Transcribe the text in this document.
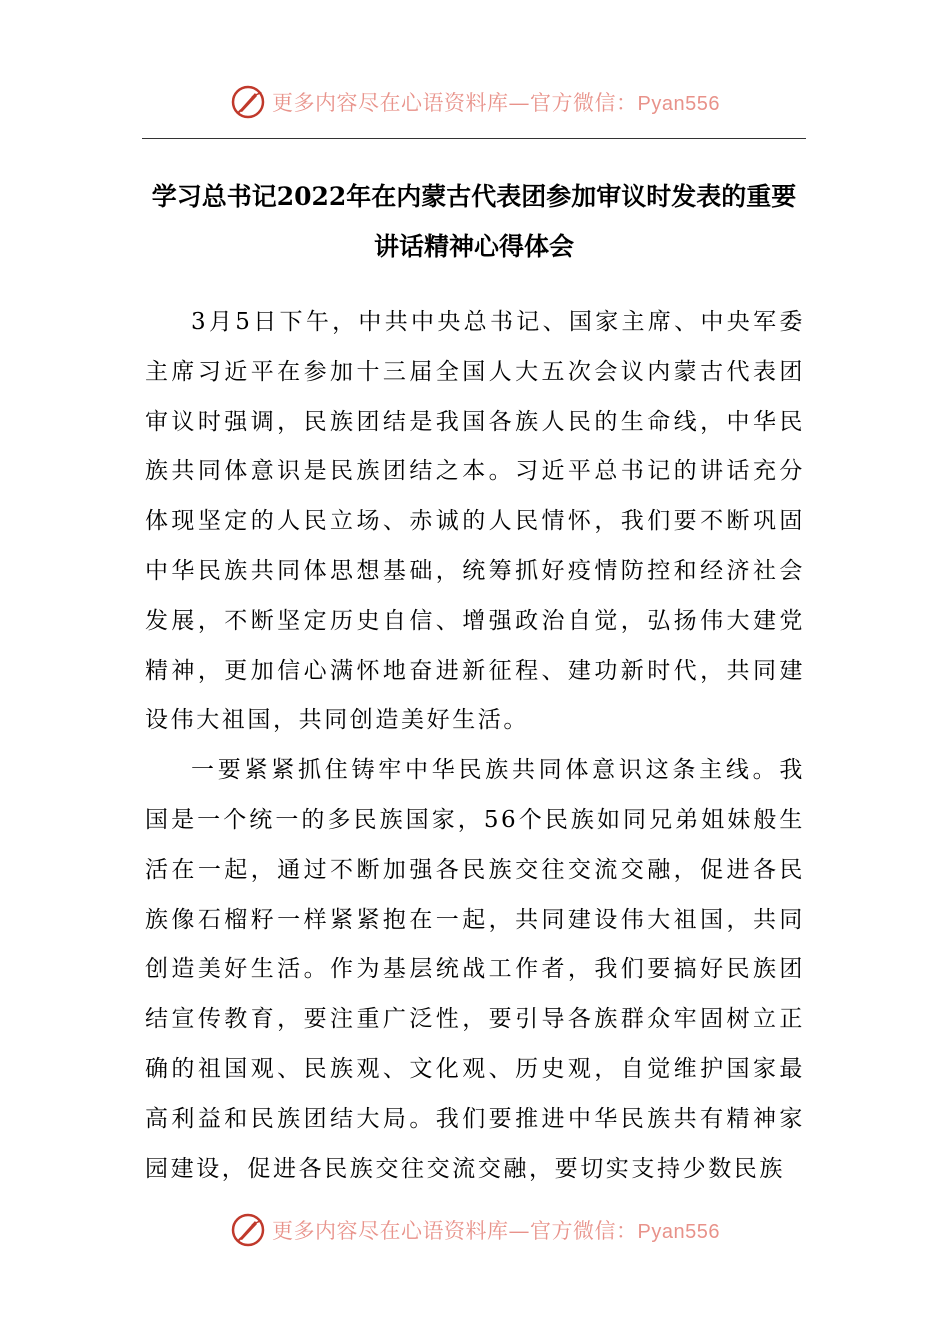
更多内容尽在心语资料库—官方微信：Pyan556
学习总书记2022年在内蒙古代表团参加审议时发表的重要
讲话精神心得体会

3月5日下午，中共中央总书记、国家主席、中央军委主席习近平在参加十三届全国人大五次会议内蒙古代表团审议时强调，民族团结是我国各族人民的生命线，中华民族共同体意识是民族团结之本。习近平总书记的讲话充分体现坚定的人民立场、赤诚的人民情怀，我们要不断巩固中华民族共同体思想基础，统筹抓好疫情防控和经济社会发展，不断坚定历史自信、增强政治自觉，弘扬伟大建党精神，更加信心满怀地奋进新征程、建功新时代，共同建设伟大祖国，共同创造美好生活。

一要紧紧抓住铸牢中华民族共同体意识这条主线。我国是一个统一的多民族国家，56个民族如同兄弟姐妹般生活在一起，通过不断加强各民族交往交流交融，促进各民族像石榴籽一样紧紧抱在一起，共同建设伟大祖国，共同创造美好生活。作为基层统战工作者，我们要搞好民族团结宣传教育，要注重广泛性，要引导各族群众牢固树立正确的祖国观、民族观、文化观、历史观，自觉维护国家最高利益和民族团结大局。我们要推进中华民族共有精神家园建设，促进各民族交往交流交融，要切实支持少数民族

更多内容尽在心语资料库—官方微信：Pyan556
